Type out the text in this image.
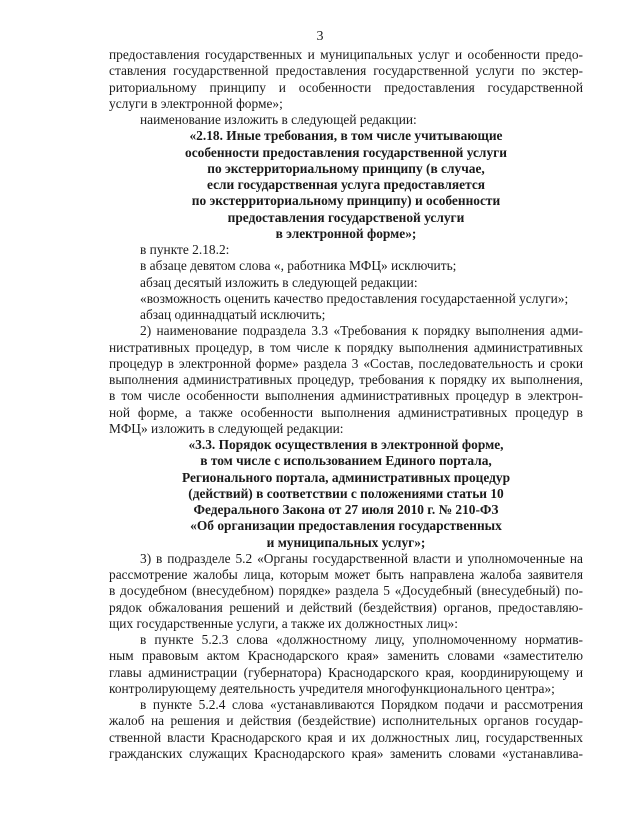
3
предоставления государственных и муниципальных услуг и особенности предо-
ставления государственной предоставления государственной услуги по экстер-
риториальному принципу и особенности предоставления государственной
услуги в электронной форме»;
наименование изложить в следующей редакции:
«2.18. Иные требования, в том числе учитывающие
особенности предоставления государственной услуги
по экстерриториальному принципу (в случае,
если государственная услуга предоставляется
по экстерриториальному принципу) и особенности
предоставления государственой услуги
в электронной форме»;
в пункте 2.18.2:
в абзаце девятом слова «, работника МФЦ» исключить;
абзац десятый изложить в следующей редакции:
«возможность оценить качество предоставления государстаенной услуги»;
абзац одиннадцатый исключить;
2) наименование подраздела 3.3 «Требования к порядку выполнения адми-
нистративных процедур, в том числе к порядку выполнения административных
процедур в электронной форме» раздела 3 «Состав, последовательность и сроки
выполнения административных процедур, требования к порядку их выполнения,
в том числе особенности выполнения административных процедур в электрон-
ной форме, а также особенности выполнения административных процедур в
МФЦ» изложить в следующей редакции:
«3.3. Порядок осуществления в электронной форме,
в том числе с использованием Единого портала,
Регионального портала, административных процедур
(действий) в соответствии с положениями статьи 10
Федерального Закона от 27 июля 2010 г. № 210-ФЗ
«Об организации предоставления государственных
и муниципальных услуг»;
3) в подразделе 5.2 «Органы государственной власти и уполномоченные на
рассмотрение жалобы лица, которым может быть направлена жалоба заявителя
в досудебном (внесудебном) порядке» раздела 5 «Досудебный (внесудебный) по-
рядок обжалования решений и действий (бездействия) органов, предоставляю-
щих государственные услуги, а также их должностных лиц»:
в пункте 5.2.3 слова «должностному лицу, уполномоченному норматив-
ным правовым актом Краснодарского края» заменить словами «заместителю
главы администрации (губернатора) Краснодарского края, координирующему и
контролирующему деятельность учредителя многофункционального центра»;
в пункте 5.2.4 слова «устанавливаются Порядком подачи и рассмотрения
жалоб на решения и действия (бездействие) исполнительных органов государ-
ственной власти Краснодарского края и их должностных лиц, государственных
гражданских служащих Краснодарского края» заменить словами «устанавлива-
